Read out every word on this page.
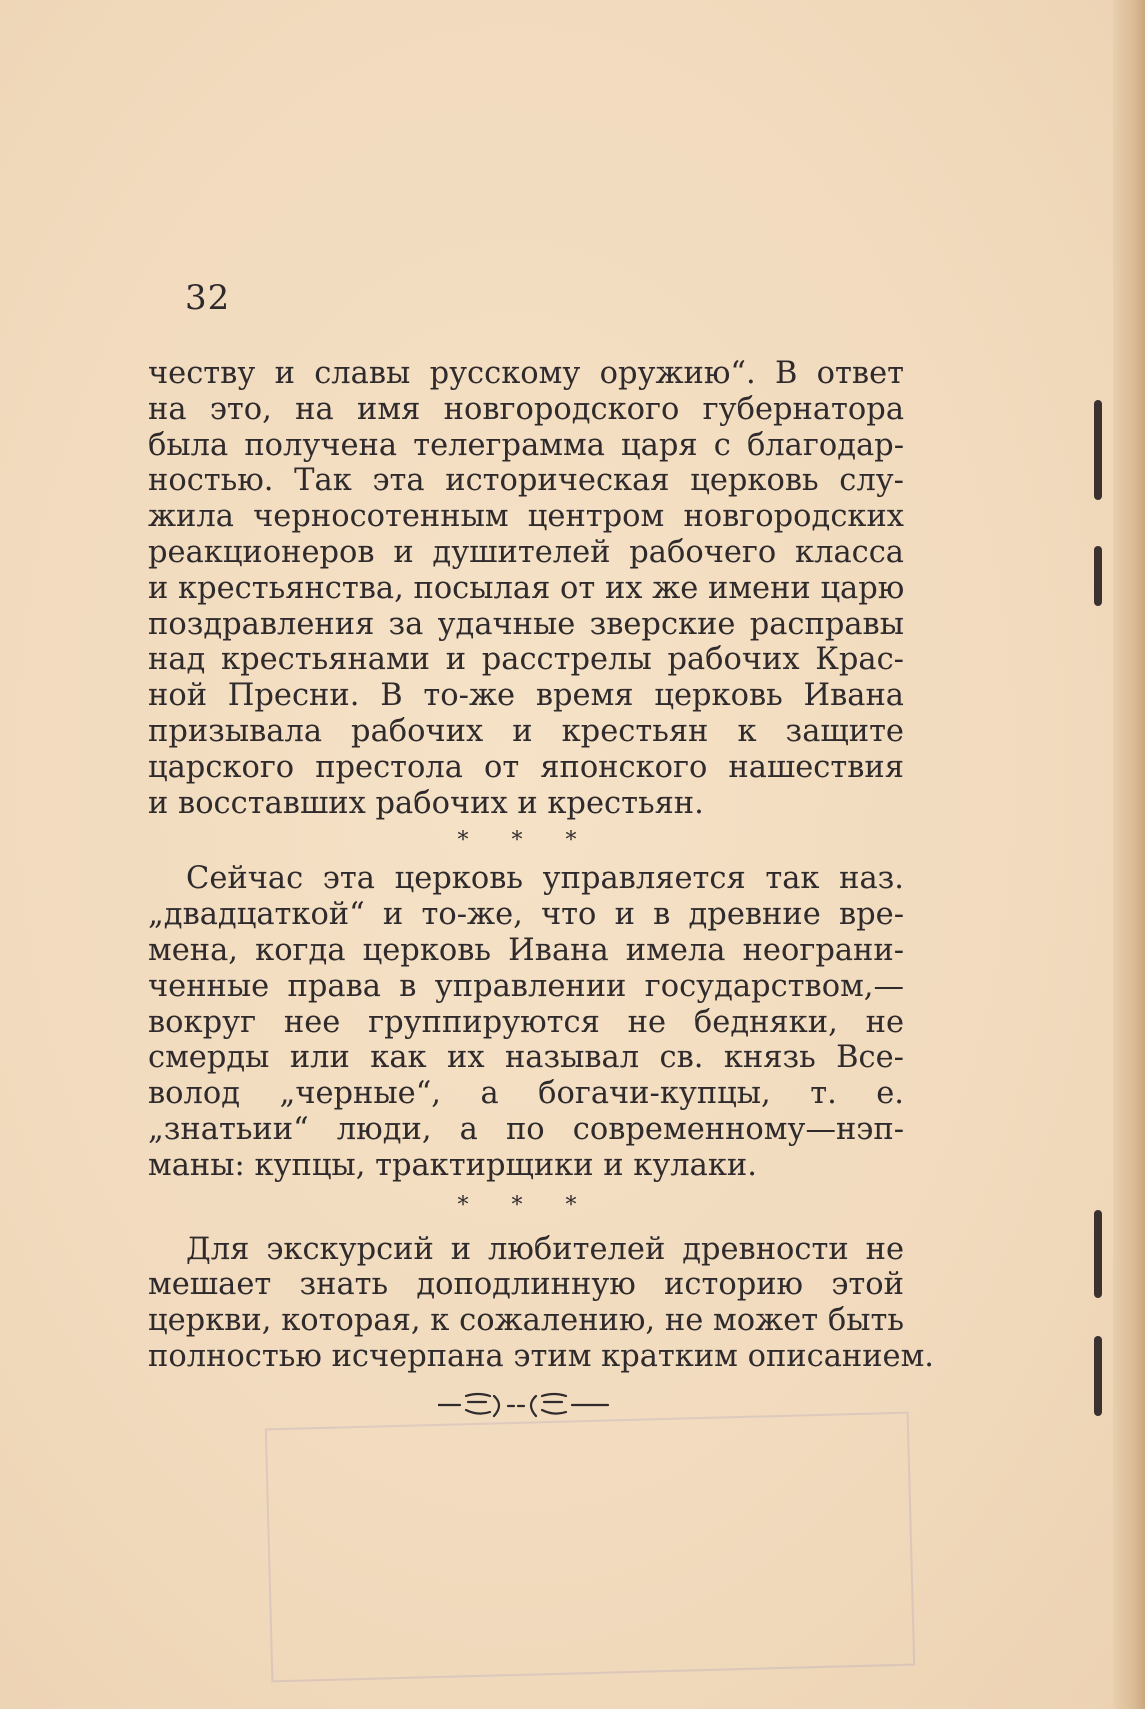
32
честву и славы русскому оружию“. В ответ
на это, на имя новгородского губернатора
была получена телеграмма царя с благодар-
ностью. Так эта историческая церковь слу-
жила черносотенным центром новгородских
реакционеров и душителей рабочего класса
и крестьянства, посылая от их же имени царю
поздравления за удачные зверские расправы
над крестьянами и расстрелы рабочих Крас-
ной Пресни. В то-же время церковь Ивана
призывала рабочих и крестьян к защите
царского престола от японского нашествия
и восставших рабочих и крестьян.
* * *
Сейчас эта церковь управляется так наз.
„двадцаткой“ и то-же, что и в древние вре-
мена, когда церковь Ивана имела неограни-
ченные права в управлении государством,—
вокруг нее группируются не бедняки, не
смерды или как их называл св. князь Все-
волод „черные“, а богачи-купцы, т. е.
„знатьии“ люди, а по современному—нэп-
маны: купцы, трактирщики и кулаки.
* * *
Для экскурсий и любителей древности не
мешает знать доподлинную историю этой
церкви, которая, к сожалению, не может быть
полностью исчерпана этим кратким описанием.
